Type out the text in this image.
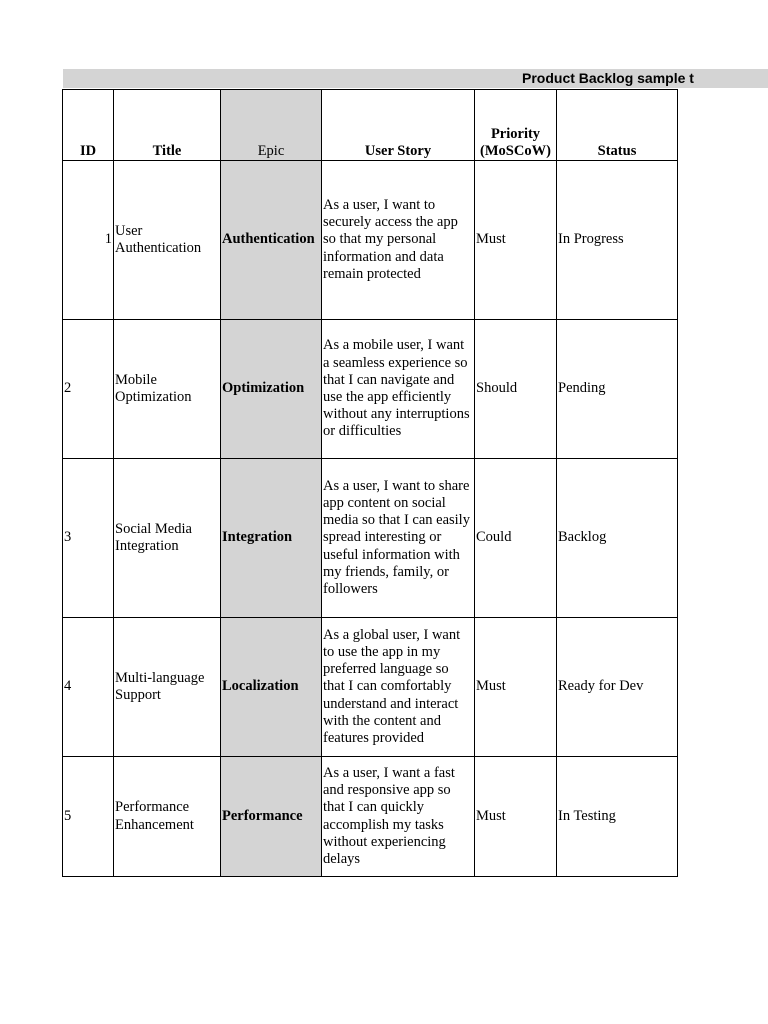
Product Backlog sample t
ID	Title	Epic	User Story	Priority (MoSCoW)	Status
1	User Authentication	Authentication	As a user, I want to securely access the app so that my personal information and data remain protected	Must	In Progress
2	Mobile Optimization	Optimization	As a mobile user, I want a seamless experience so that I can navigate and use the app efficiently without any interruptions or difficulties	Should	Pending
3	Social Media Integration	Integration	As a user, I want to share app content on social media so that I can easily spread interesting or useful information with my friends, family, or followers	Could	Backlog
4	Multi-language Support	Localization	As a global user, I want to use the app in my preferred language so that I can comfortably understand and interact with the content and features provided	Must	Ready for Dev
5	Performance Enhancement	Performance	As a user, I want a fast and responsive app so that I can quickly accomplish my tasks without experiencing delays	Must	In Testing
